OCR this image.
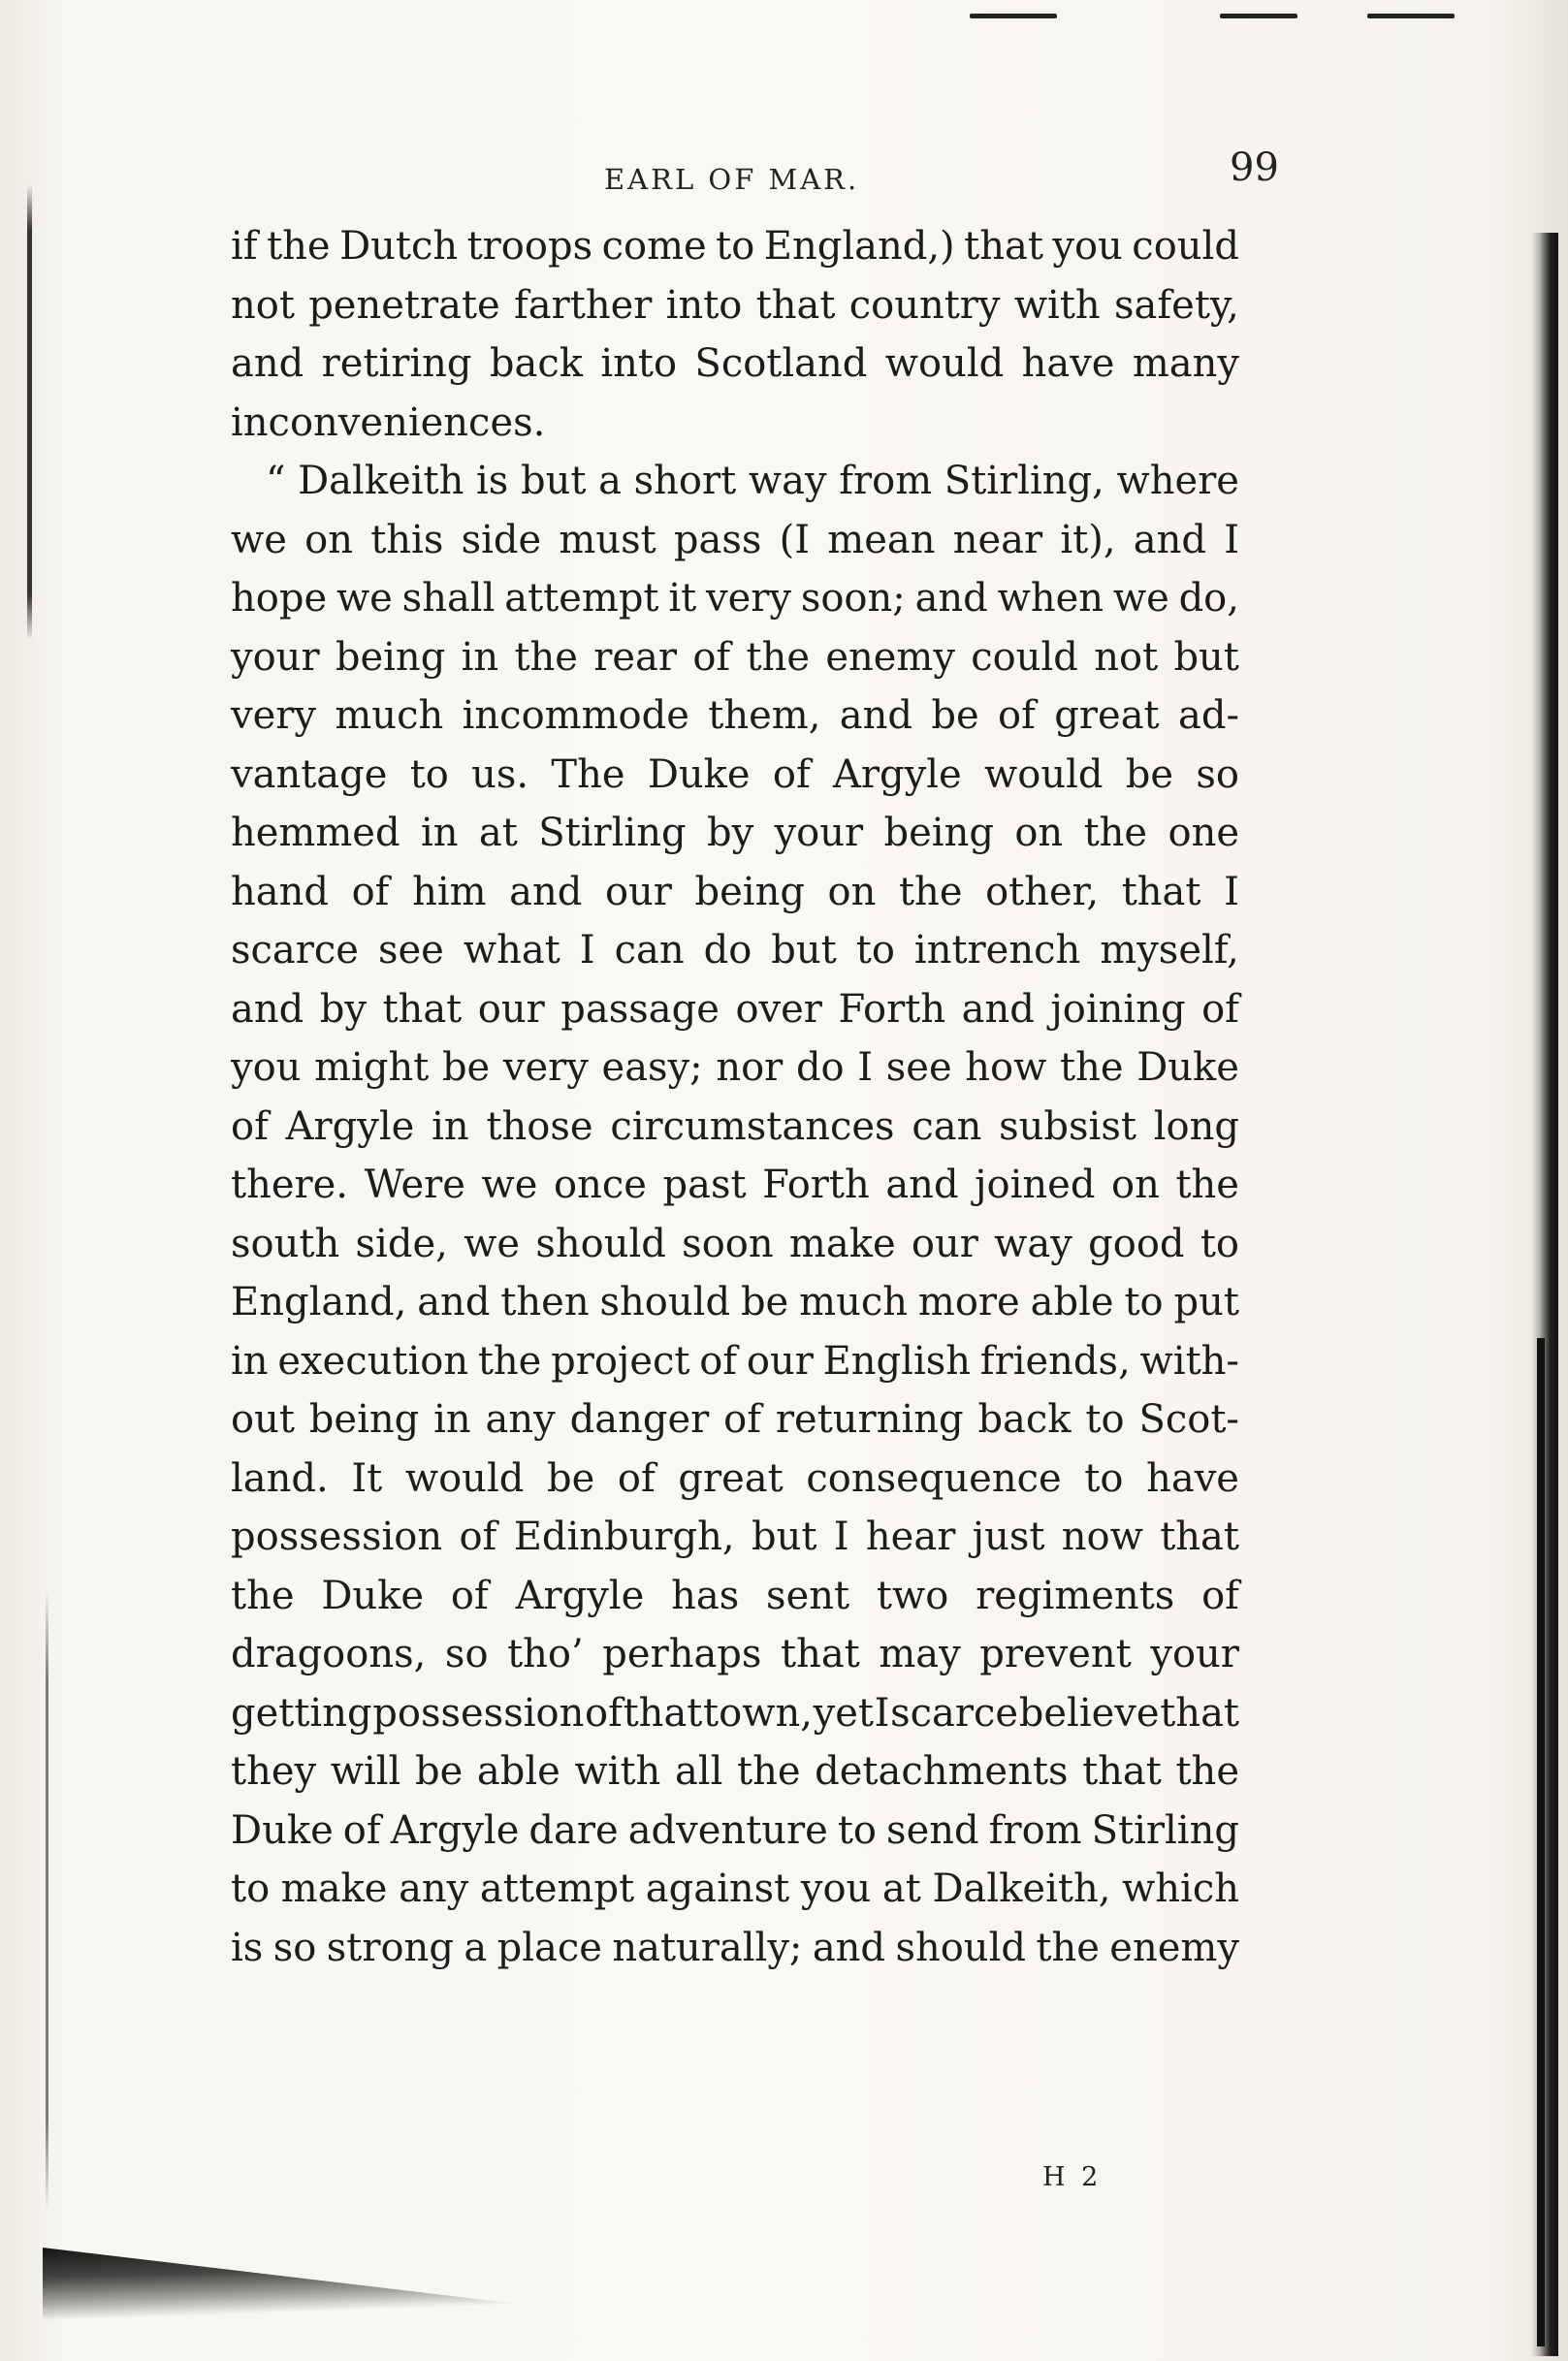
EARL OF MAR.	99
if the Dutch troops come to England,) that you could
not penetrate farther into that country with safety,
and retiring back into Scotland would have many
inconveniences.
“ Dalkeith is but a short way from Stirling, where
we on this side must pass (I mean near it), and I
hope we shall attempt it very soon; and when we do,
your being in the rear of the enemy could not but
very much incommode them, and be of great ad-
vantage to us. The Duke of Argyle would be so
hemmed in at Stirling by your being on the one
hand of him and our being on the other, that I
scarce see what I can do but to intrench myself,
and by that our passage over Forth and joining of
you might be very easy; nor do I see how the Duke
of Argyle in those circumstances can subsist long
there. Were we once past Forth and joined on the
south side, we should soon make our way good to
England, and then should be much more able to put
in execution the project of our English friends, with-
out being in any danger of returning back to Scot-
land. It would be of great consequence to have
possession of Edinburgh, but I hear just now that
the Duke of Argyle has sent two regiments of
dragoons, so tho’ perhaps that may prevent your
getting possession of that town, yet I scarce believe that
they will be able with all the detachments that the
Duke of Argyle dare adventure to send from Stirling
to make any attempt against you at Dalkeith, which
is so strong a place naturally; and should the enemy
H 2
